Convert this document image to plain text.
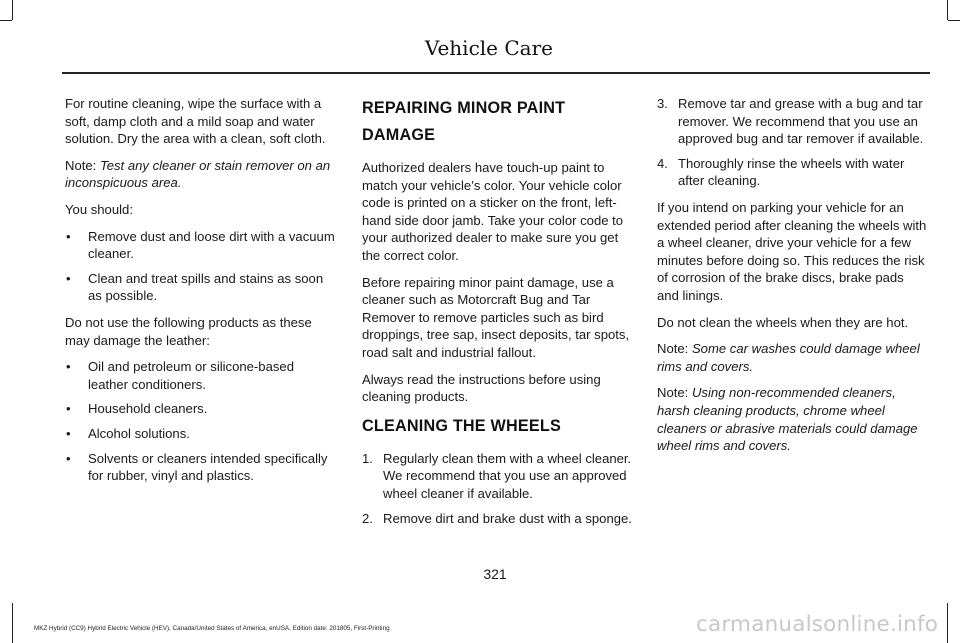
Vehicle Care

For routine cleaning, wipe the surface with a soft, damp cloth and a mild soap and water solution. Dry the area with a clean, soft cloth.

Note: Test any cleaner or stain remover on an inconspicuous area.

You should:

• Remove dust and loose dirt with a vacuum cleaner.
• Clean and treat spills and stains as soon as possible.

Do not use the following products as these may damage the leather:

• Oil and petroleum or silicone-based leather conditioners.
• Household cleaners.
• Alcohol solutions.
• Solvents or cleaners intended specifically for rubber, vinyl and plastics.
REPAIRING MINOR PAINT
DAMAGE

Authorized dealers have touch-up paint to match your vehicle’s color. Your vehicle color code is printed on a sticker on the front, left-hand side door jamb. Take your color code to your authorized dealer to make sure you get the correct color.

Before repairing minor paint damage, use a cleaner such as Motorcraft Bug and Tar Remover to remove particles such as bird droppings, tree sap, insect deposits, tar spots, road salt and industrial fallout.

Always read the instructions before using cleaning products.

CLEANING THE WHEELS
1. Regularly clean them with a wheel cleaner. We recommend that you use an approved wheel cleaner if available.
2. Remove dirt and brake dust with a sponge.
3. Remove tar and grease with a bug and tar remover. We recommend that you use an approved bug and tar remover if available.
4. Thoroughly rinse the wheels with water after cleaning.

If you intend on parking your vehicle for an extended period after cleaning the wheels with a wheel cleaner, drive your vehicle for a few minutes before doing so. This reduces the risk of corrosion of the brake discs, brake pads and linings.

Do not clean the wheels when they are hot.

Note: Some car washes could damage wheel rims and covers.

Note: Using non-recommended cleaners, harsh cleaning products, chrome wheel cleaners or abrasive materials could damage wheel rims and covers.

321
MKZ Hybrid (CC9) Hybrid Electric Vehicle (HEV), Canada/United States of America, enUSA, Edition date: 201805, First-Printing	carmanualsonline.info
